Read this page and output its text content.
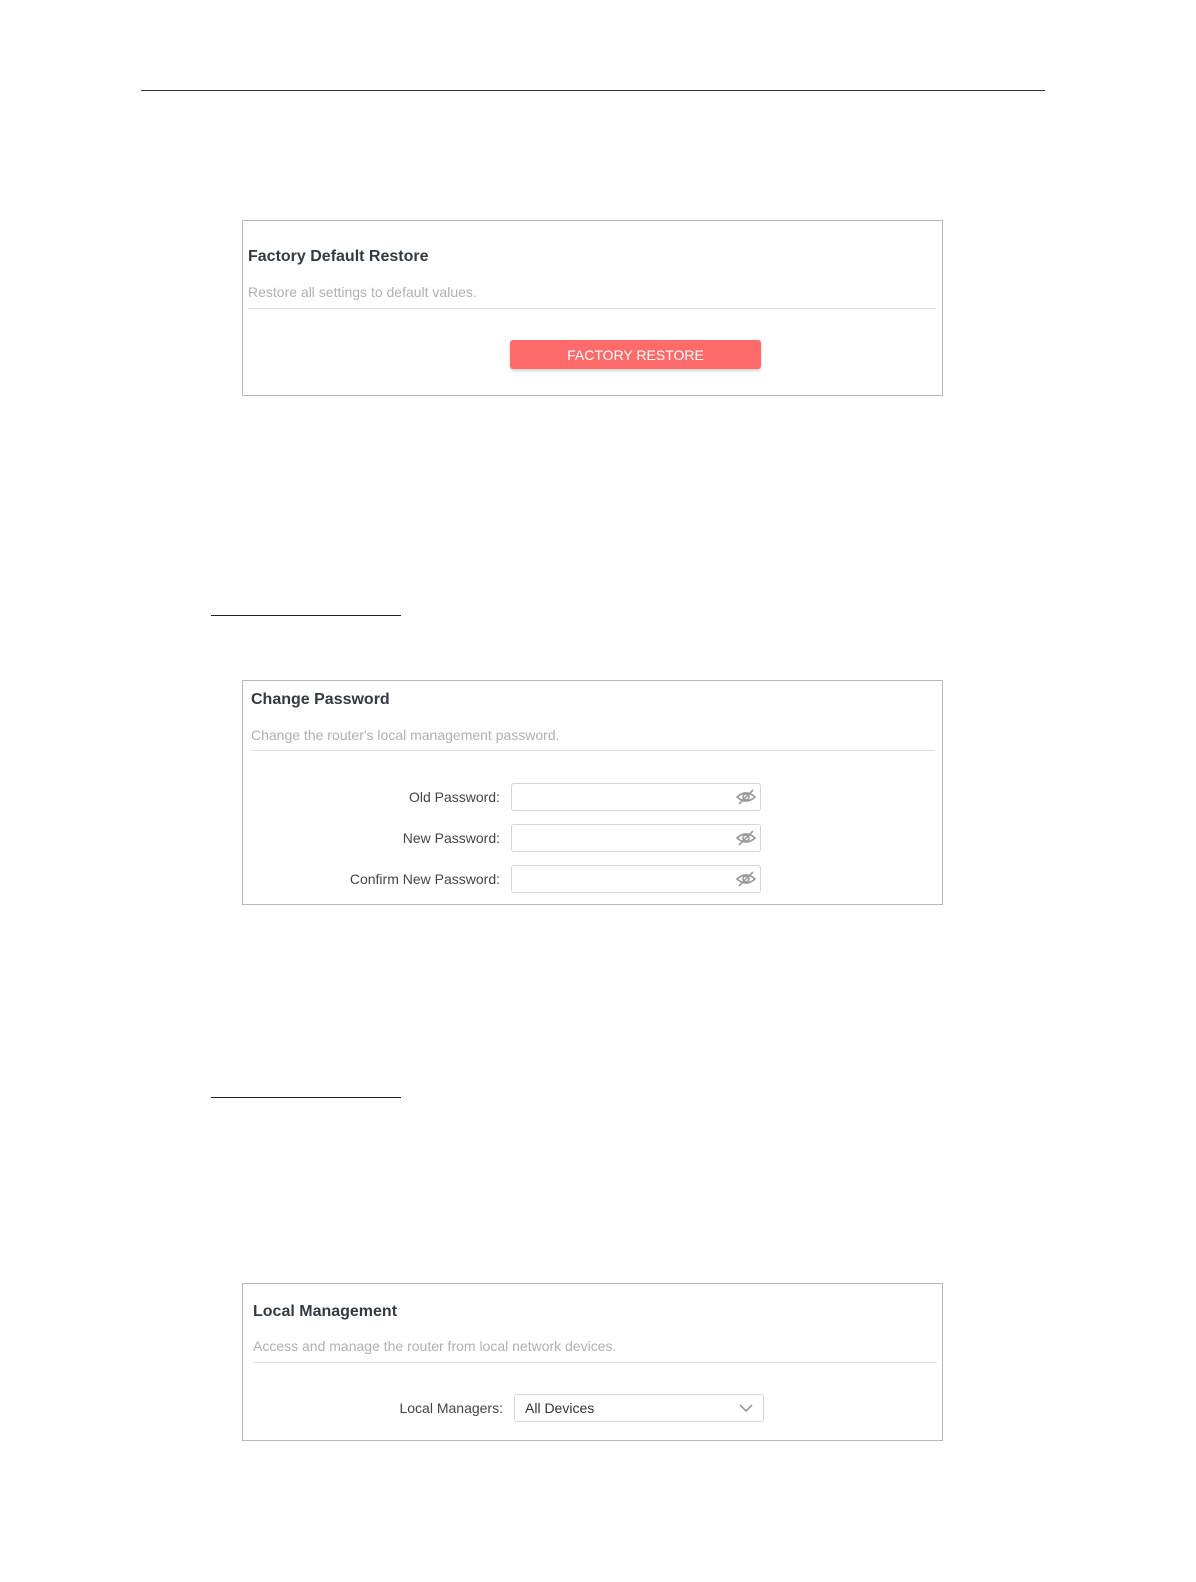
Factory Default Restore
Restore all settings to default values.
FACTORY RESTORE
Change Password
Change the router's local management password.
Old Password:
New Password:
Confirm New Password:
Local Management
Access and manage the router from local network devices.
Local Managers: All Devices
